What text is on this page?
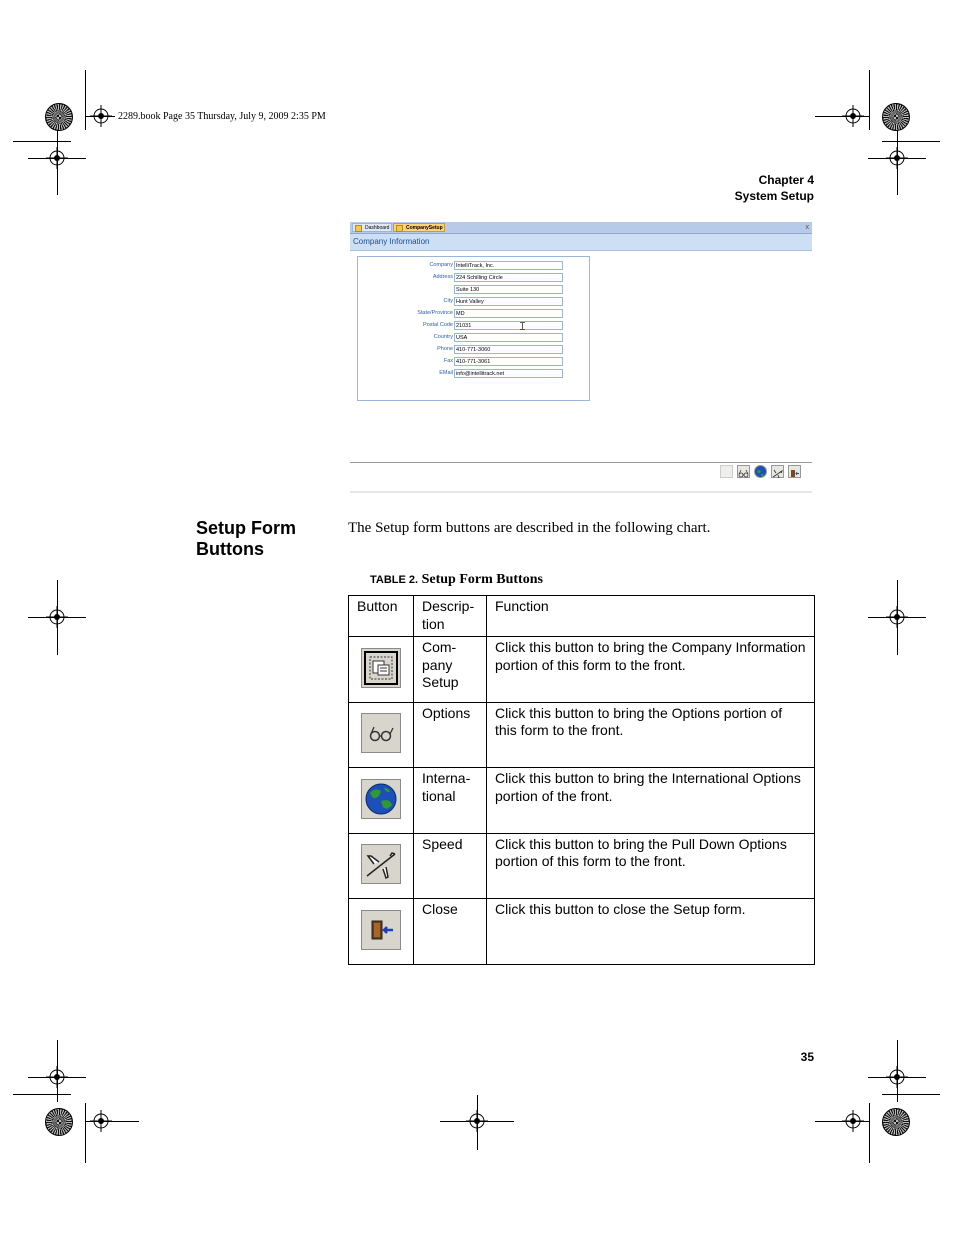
2289.book Page 35 Thursday, July 9, 2009 2:35 PM
Chapter 4
System Setup
Dashboard	CompanySetup	x
Company Information
Company IntelliTrack, Inc.
Address 224 Schilling Circle
Suite 130
City Hunt Valley
State/Province MD
Postal Code 21031
Country USA
Phone 410-771-3060
Fax 410-771-3061
EMail info@intellitrack.net
Setup Form
Buttons
The Setup form buttons are described in the following chart.
TABLE 2. Setup Form Buttons
Button	Descrip-tion	Function
	Com-pany Setup	Click this button to bring the Company Information portion of this form to the front.
	Options	Click this button to bring the Options portion of this form to the front.
	Interna-tional	Click this button to bring the International Options portion of the front.
	Speed	Click this button to bring the Pull Down Options portion of this form to the front.
	Close	Click this button to close the Setup form.
35
